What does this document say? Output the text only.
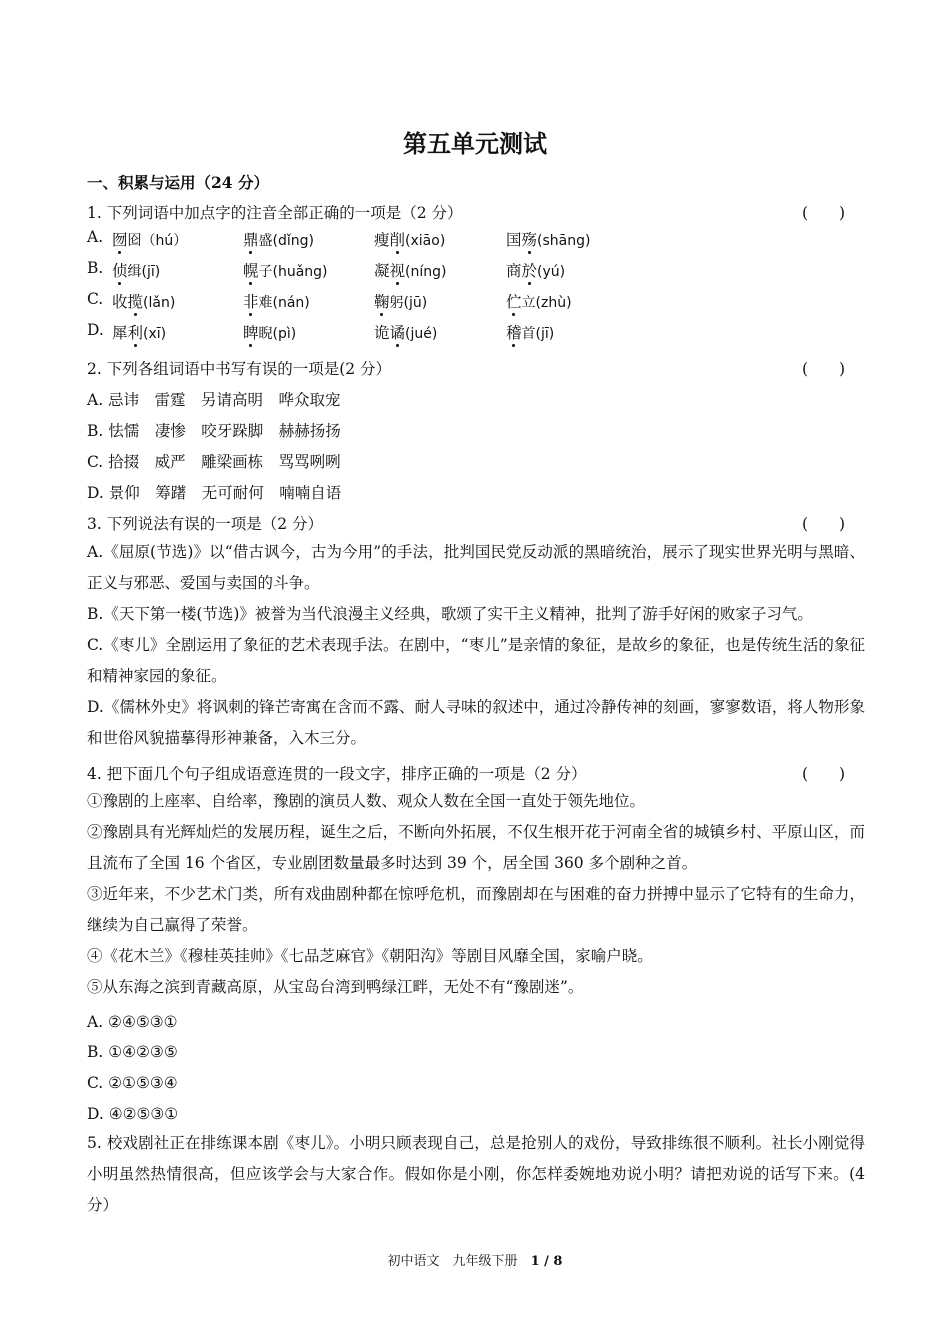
第五单元测试
一、积累与运用（24 分）
1. 下列词语中加点字的注音全部正确的一项是（2 分）	(　　)
A. 囫囵（hú）	鼎盛(dǐng)	瘦削(xiāo)	国殇(shāng)
B. 侦缉(jī)	幌子(huǎng)	凝视(níng)	商於(yú)
C. 收揽(lǎn)	非难(nán)	鞠躬(jū)	伫立(zhù)
D. 犀利(xī)	睥睨(pì)	诡谲(jué)	稽首(jī)
2. 下列各组词语中书写有误的一项是(2 分）	(　　)
A. 忌讳　雷霆　另请高明　哗众取宠
B. 怯懦　凄惨　咬牙跺脚　赫赫扬扬
C. 拾掇　威严　雕梁画栋　骂骂咧咧
D. 景仰　筹躇　无可耐何　喃喃自语
3. 下列说法有误的一项是（2 分）	(　　)
A.《屈原(节选)》以“借古讽今，古为今用”的手法，批判国民党反动派的黑暗统治，展示了现实世界光明与黑暗、正义与邪恶、爱国与卖国的斗争。
B.《天下第一楼(节选)》被誉为当代浪漫主义经典，歌颂了实干主义精神，批判了游手好闲的败家子习气。
C.《枣儿》全剧运用了象征的艺术表现手法。在剧中，“枣儿”是亲情的象征，是故乡的象征，也是传统生活的象征和精神家园的象征。
D.《儒林外史》将讽刺的锋芒寄寓在含而不露、耐人寻味的叙述中，通过冷静传神的刻画，寥寥数语，将人物形象和世俗风貌描摹得形神兼备，入木三分。
4. 把下面几个句子组成语意连贯的一段文字，排序正确的一项是（2 分）	(　　)
①豫剧的上座率、自给率，豫剧的演员人数、观众人数在全国一直处于领先地位。
②豫剧具有光辉灿烂的发展历程，诞生之后，不断向外拓展，不仅生根开花于河南全省的城镇乡村、平原山区，而且流布了全国 16 个省区，专业剧团数量最多时达到 39 个，居全国 360 多个剧种之首。
③近年来，不少艺术门类，所有戏曲剧种都在惊呼危机，而豫剧却在与困难的奋力拼搏中显示了它特有的生命力，继续为自己赢得了荣誉。
④《花木兰》《穆桂英挂帅》《七品芝麻官》《朝阳沟》等剧目风靡全国，家喻户晓。
⑤从东海之滨到青藏高原，从宝岛台湾到鸭绿江畔，无处不有“豫剧迷”。
A. ②④⑤③①
B. ①④②③⑤
C. ②①⑤③④
D. ④②⑤③①
5. 校戏剧社正在排练课本剧《枣儿》。小明只顾表现自己，总是抢别人的戏份，导致排练很不顺利。社长小刚觉得小明虽然热情很高，但应该学会与大家合作。假如你是小刚，你怎样委婉地劝说小明？请把劝说的话写下来。(4 分）
初中语文　九年级下册　1 / 8
